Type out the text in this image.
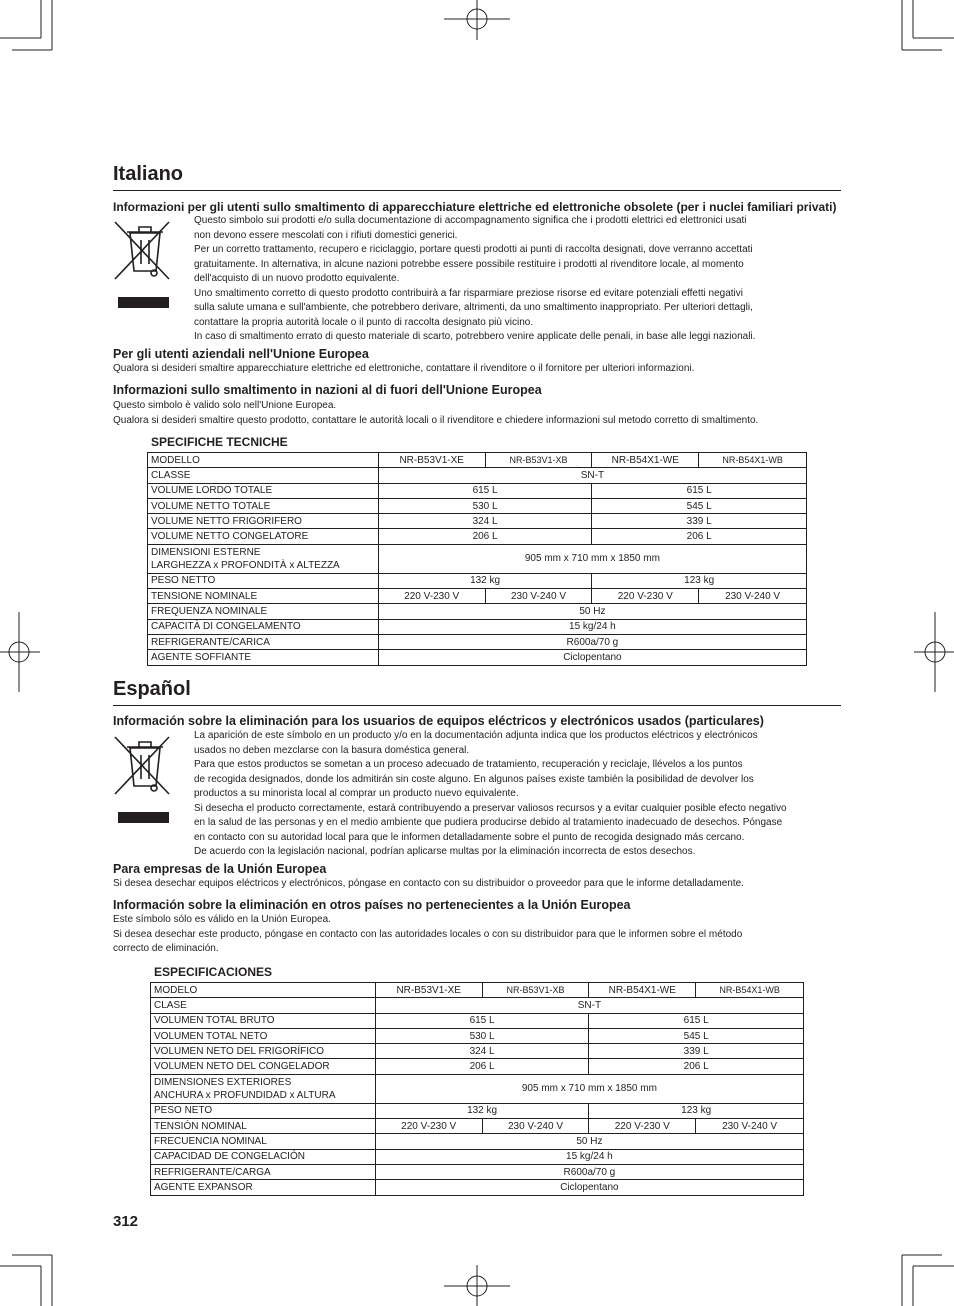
Italiano
Informazioni per gli utenti sullo smaltimento di apparecchiature elettriche ed elettroniche obsolete (per i nuclei familiari privati)
Questo simbolo sui prodotti e/o sulla documentazione di accompagnamento significa che i prodotti elettrici ed elettronici usati
non devono essere mescolati con i rifiuti domestici generici.
Per un corretto trattamento, recupero e riciclaggio, portare questi prodotti ai punti di raccolta designati, dove verranno accettati
gratuitamente. In alternativa, in alcune nazioni potrebbe essere possibile restituire i prodotti al rivenditore locale, al momento
dell'acquisto di un nuovo prodotto equivalente.
Uno smaltimento corretto di questo prodotto contribuirà a far risparmiare preziose risorse ed evitare potenziali effetti negativi
sulla salute umana e sull'ambiente, che potrebbero derivare, altrimenti, da uno smaltimento inappropriato. Per ulteriori dettagli,
contattare la propria autorità locale o il punto di raccolta designato più vicino.
In caso di smaltimento errato di questo materiale di scarto, potrebbero venire applicate delle penali, in base alle leggi nazionali.
Per gli utenti aziendali nell'Unione Europea
Qualora si desideri smaltire apparecchiature elettriche ed elettroniche, contattare il rivenditore o il fornitore per ulteriori informazioni.
Informazioni sullo smaltimento in nazioni al di fuori dell'Unione Europea
Questo simbolo è valido solo nell'Unione Europea.
Qualora si desideri smaltire questo prodotto, contattare le autorità locali o il rivenditore e chiedere informazioni sul metodo corretto di smaltimento.
SPECIFICHE TECNICHE
MODELLO	NR-B53V1-XE	NR-B53V1-XB	NR-B54X1-WE	NR-B54X1-WB
CLASSE	SN-T			
VOLUME LORDO TOTALE	615 L		615 L	
VOLUME NETTO TOTALE	530 L		545 L	
VOLUME NETTO FRIGORIFERO	324 L		339 L	
VOLUME NETTO CONGELATORE	206 L		206 L	

DIMENSIONI ESTERNE
LARGHEZZA x PROFONDITÀ x ALTEZZA	905 mm x 710 mm x 1850 mm			
PESO NETTO	132 kg		123 kg	
TENSIONE NOMINALE	220 V-230 V	230 V-240 V	220 V-230 V	230 V-240 V
FREQUENZA NOMINALE	50 Hz			
CAPACITÀ DI CONGELAMENTO	15 kg/24 h			
REFRIGERANTE/CARICA	R600a/70 g			
AGENTE SOFFIANTE	Ciclopentano			
Español
Información sobre la eliminación para los usuarios de equipos eléctricos y electrónicos usados (particulares)
La aparición de este símbolo en un producto y/o en la documentación adjunta indica que los productos eléctricos y electrónicos
usados no deben mezclarse con la basura doméstica general.
Para que estos productos se sometan a un proceso adecuado de tratamiento, recuperación y reciclaje, llévelos a los puntos
de recogida designados, donde los admitirán sin coste alguno. En algunos países existe también la posibilidad de devolver los
productos a su minorista local al comprar un producto nuevo equivalente.
Si desecha el producto correctamente, estará contribuyendo a preservar valiosos recursos y a evitar cualquier posible efecto negativo
en la salud de las personas y en el medio ambiente que pudiera producirse debido al tratamiento inadecuado de desechos. Póngase
en contacto con su autoridad local para que le informen detalladamente sobre el punto de recogida designado más cercano.
De acuerdo con la legislación nacional, podrían aplicarse multas por la eliminación incorrecta de estos desechos.
Para empresas de la Unión Europea
Si desea desechar equipos eléctricos y electrónicos, póngase en contacto con su distribuidor o proveedor para que le informe detalladamente.
Información sobre la eliminación en otros países no pertenecientes a la Unión Europea
Este símbolo sólo es válido en la Unión Europea.
Si desea desechar este producto, póngase en contacto con las autoridades locales o con su distribuidor para que le informen sobre el método
correcto de eliminación.
ESPECIFICACIONES
MODELO	NR-B53V1-XE	NR-B53V1-XB	NR-B54X1-WE	NR-B54X1-WB
CLASE	SN-T			
VOLUMEN TOTAL BRUTO	615 L		615 L	
VOLUMEN TOTAL NETO	530 L		545 L	
VOLUMEN NETO DEL FRIGORÍFICO	324 L		339 L	
VOLUMEN NETO DEL CONGELADOR	206 L		206 L	

DIMENSIONES EXTERIORES
ANCHURA x PROFUNDIDAD x ALTURA	905 mm x 710 mm x 1850 mm			
PESO NETO	132 kg		123 kg	
TENSIÓN NOMINAL	220 V-230 V	230 V-240 V	220 V-230 V	230 V-240 V
FRECUENCIA NOMINAL	50 Hz			
CAPACIDAD DE CONGELACIÓN	15 kg/24 h			
REFRIGERANTE/CARGA	R600a/70 g			
AGENTE EXPANSOR	Ciclopentano			
312
